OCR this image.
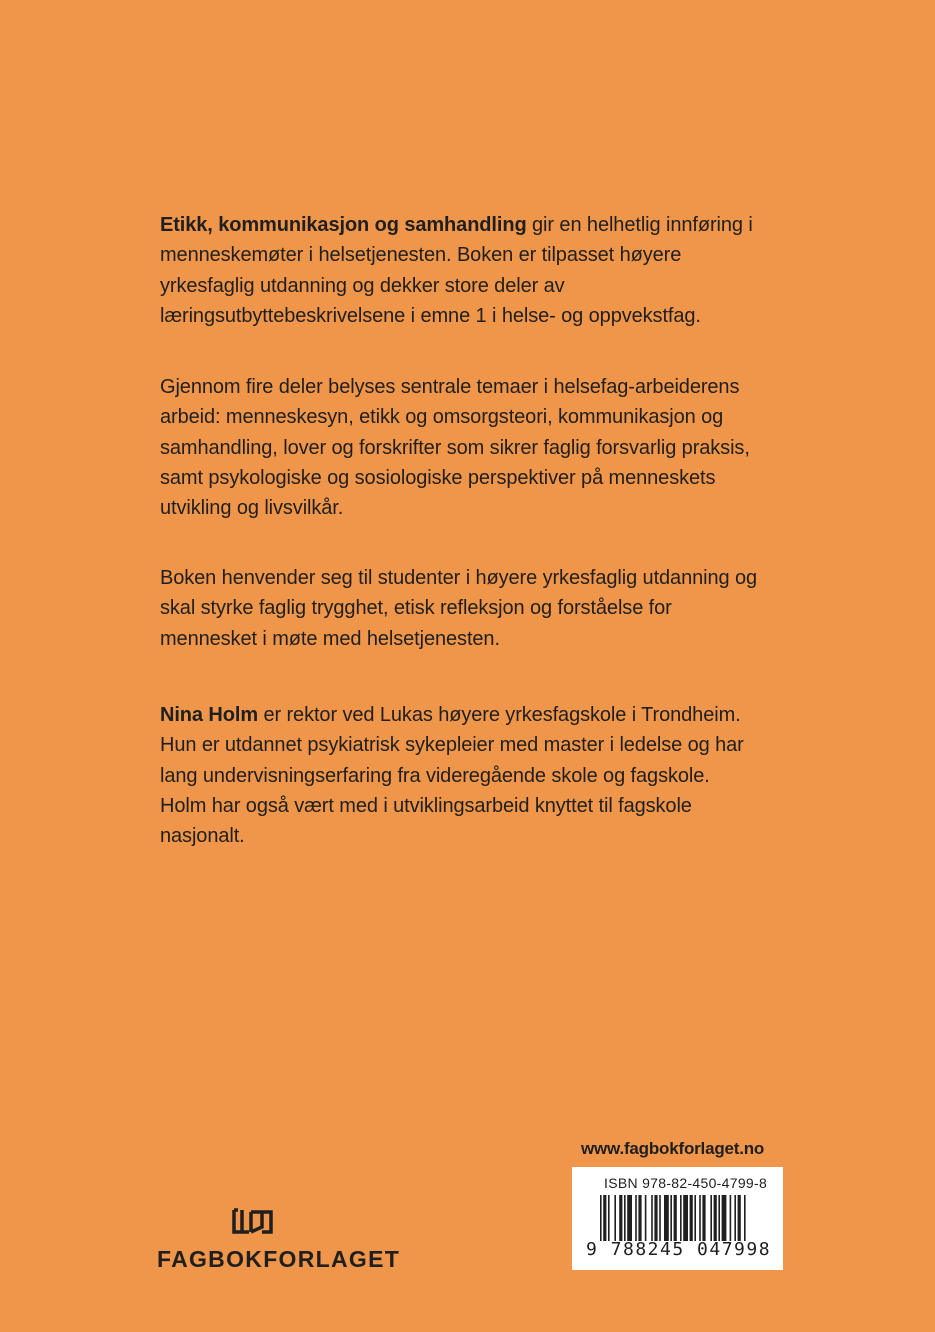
Etikk, kommunikasjon og samhandling gir en helhetlig innføring i menneskemøter i helsetjenesten. Boken er tilpasset høyere yrkesfaglig utdanning og dekker store deler av læringsutbyttebeskrivelsene i emne 1 i helse- og oppvekstfag.

Gjennom fire deler belyses sentrale temaer i helsefag-arbeiderens arbeid: menneskesyn, etikk og omsorgsteori, kommunikasjon og samhandling, lover og forskrifter som sikrer faglig forsvarlig praksis, samt psykologiske og sosiologiske perspektiver på menneskets utvikling og livsvilkår.

Boken henvender seg til studenter i høyere yrkesfaglig utdanning og skal styrke faglig trygghet, etisk refleksjon og forståelse for mennesket i møte med helsetjenesten.

Nina Holm er rektor ved Lukas høyere yrkesfagskole i Trondheim. Hun er utdannet psykiatrisk sykepleier med master i ledelse og har lang undervisningserfaring fra videregående skole og fagskole. Holm har også vært med i utviklingsarbeid knyttet til fagskole nasjonalt.

www.fagbokforlaget.no
ISBN 978-82-450-4799-8
9 788245 047998
FAGBOKFORLAGET
